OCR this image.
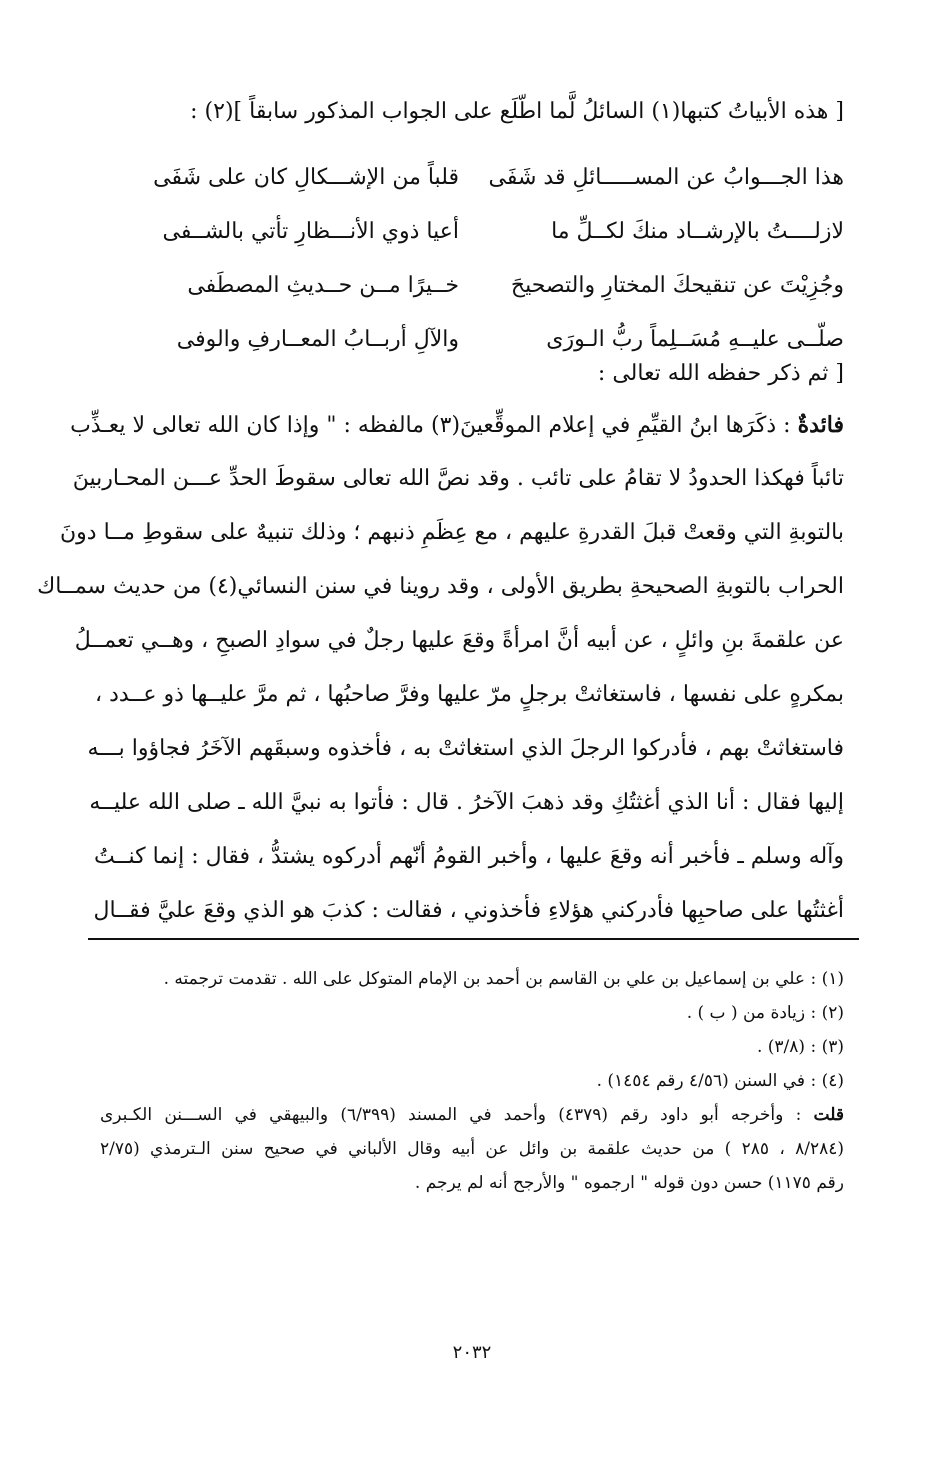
[ هذه الأبياتُ كتبها(١) السائلُ لَّما اطّلَع على الجواب المذكور سابقاً ](٢) :
هذا الجـــوابُ عن المســـــائلِ قد شَفَى
قلباً من الإشـــكالِ كان على شَفَى
لازلــــتُ بالإرشــاد منكَ لكــلِّ ما
أعيا ذوي الأنـــظارِ تأتي بالشــفى
وجُزِيْتَ عن تنقيحكَ المختارِ والتصحيحَ
خــيرًا مــن حــديثِ المصطَفى
صلّــى عليــهِ مُسَــلِماً ربُّ الـورَى
والآلِ أربــابُ المعــارفِ والوفى
[ ثم ذكر حفظه الله تعالى :
فائدةٌ : ذكَرَها ابنُ القيِّمِ في إعلام الموقِّعينَ(٣) مالفظه : " وإذا كان الله تعالى لا يعـذِّب
تائباً فهكذا الحدودُ لا تقامُ على تائب . وقد نصَّ الله تعالى سقوطَ الحدِّ عـــن المحـاربينَ
بالتوبةِ التي وقعتْ قبلَ القدرةِ عليهم ، مع عِظَمِ ذنبهم ؛ وذلك تنبيهٌ على سقوطِ مــا دونَ
الحراب بالتوبةِ الصحيحةِ بطريق الأولى ، وقد روينا في سنن النسائي(٤) من حديث سمــاك
عن علقمةَ بنِ وائلٍ ، عن أبيه أنَّ امرأةً وقعَ عليها رجلٌ في سوادِ الصبحِ ، وهــي تعمــلُ
بمكرهٍ على نفسها ، فاستغاثتْ برجلٍ مرّ عليها وفرَّ صاحبُها ، ثم مرَّ عليــها ذو عــدد ،
فاستغاثتْ بهم ، فأدركوا الرجلَ الذي استغاثتْ به ، فأخذوه وسبقَهم الآخَرُ فجاؤوا بـــه
إليها فقال : أنا الذي أغثتُكِ وقد ذهبَ الآخرُ . قال : فأتوا به نبيَّ الله ـ صلى الله عليــه
وآله وسلم ـ فأخبر أنه وقعَ عليها ، وأخبر القومُ أنّهم أدركوه يشتدُّ ، فقال : إنما كنــتُ
أغثتُها على صاحبِها فأدركني هؤلاءِ فأخذوني ، فقالت : كذبَ هو الذي وقعَ عليَّ فقــال
(١) : علي بن إسماعيل بن علي بن القاسم بن أحمد بن الإمام المتوكل على الله . تقدمت ترجمته .
(٢) : زيادة من ( ب ) .
(٣) : (٣/٨) .
(٤) : في السنن (٤/٥٦ رقم ١٤٥٤) .
قلت : وأخرجه أبو داود رقم (٤٣٧٩) وأحمد في المسند (٦/٣٩٩) والبيهقي في الســـنن الكـبرى
(٨/٢٨٤ ، ٢٨٥ ) من حديث علقمة بن وائل عن أبيه وقال الألباني في صحيح سنن الـترمذي (٢/٧٥
رقم ١١٧٥) حسن دون قوله " ارجموه " والأرجح أنه لم يرجم .
٢٠٣٢
